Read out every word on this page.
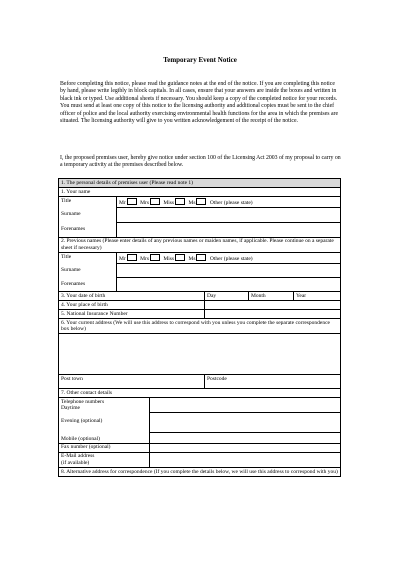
Temporary Event Notice
Before completing this notice, please read the guidance notes at the end of the notice. If you are completing this notice by hand, please write legibly in block capitals. In all cases, ensure that your answers are inside the boxes and written in black ink or typed. Use additional sheets if necessary. You should keep a copy of the completed notice for your records. You must send at least one copy of this notice to the licensing authority and additional copies must be sent to the chief officer of police and the local authority exercising environmental health functions for the area in which the premises are situated. The licensing authority will give to you written acknowledgement of the receipt of the notice.
I, the proposed premises user, hereby give notice under section 100 of the Licensing Act 2003 of my proposal to carry on a temporary activity at the premises described below.
1. The personal details of premises user (Please read note 1)					
1. Your name					
Title	Mr Mrs Miss Ms Other (please state)				
Surname					
Forenames					
2. Previous names (Please enter details of any previous names or maiden names, if applicable. Please continue on a separate sheet if necessary)					
Title	Mr Mrs Miss Ms Other (please state)				
Surname					
Forenames					
3. Your date of birth			Day	Month	Year
4. Your place of birth					
5. National Insurance Number					
6. Your current address (We will use this address to correspond with you unless you complete the separate correspondence box below)					

Post town			Postcode		
7. Other contact details					

Telephone numbers
Daytime					

Evening (optional)					
Mobile (optional)					
Fax number (optional)					

E-Mail address
(if available)					

8. Alternative address for correspondence (If you complete the details below, we will use this address to correspond with you)					
